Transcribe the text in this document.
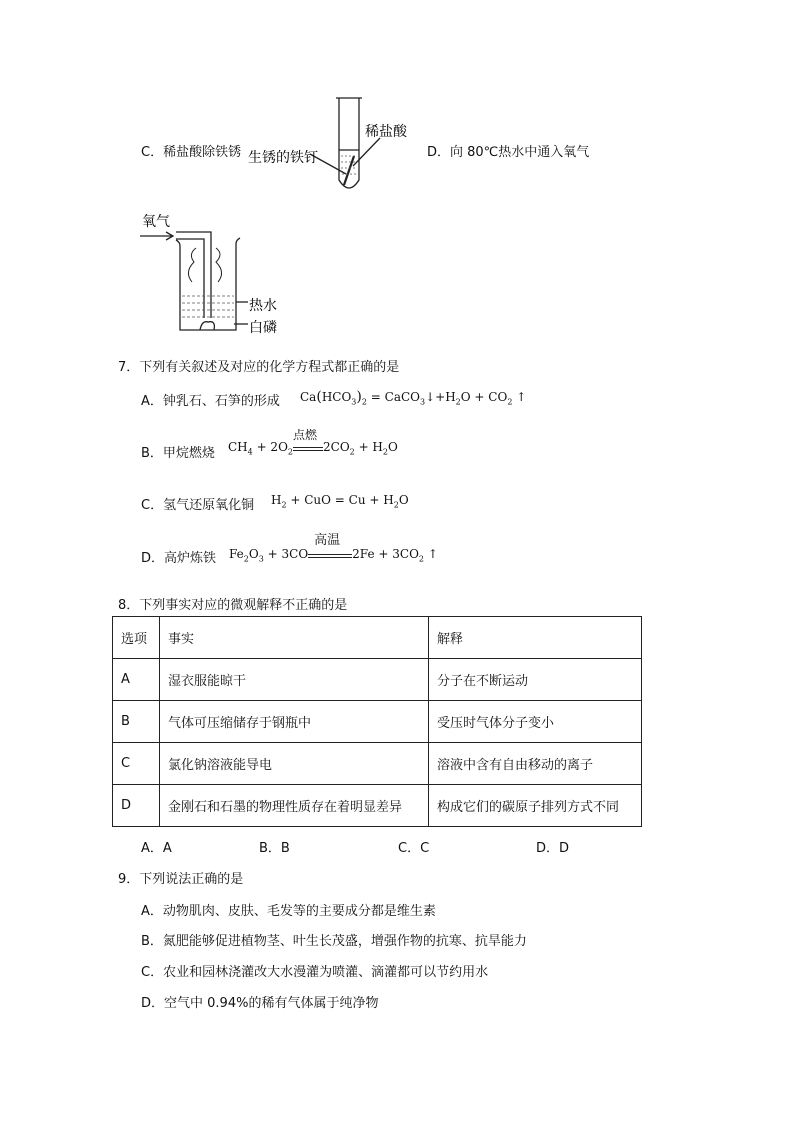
C．稀盐酸除铁锈	D．向 80℃热水中通入氧气
稀盐酸
生锈的铁钉
氧气
热水
白磷
7．下列有关叙述及对应的化学方程式都正确的是
A．钟乳石、石笋的形成 $Ca(HCO_3)_2$ = $CaCO_3↓+H_2O + CO_2$ ↑
B．甲烷燃烧 $CH_4 + 2O_2$
点燃
$2CO_2 + H_2O$
C．氢气还原氧化铜 $H_2$ + CuO = $Cu + H_2O$
D．高炉炼铁 $Fe_2O_3 + 3CO$
高温
$2Fe + 3CO_2$ ↑
8．下列事实对应的微观解释不正确的是
选项	事实	解释
A	湿衣服能晾干	分子在不断运动
B	气体可压缩储存于钢瓶中	受压时气体分子变小
C	氯化钠溶液能导电	溶液中含有自由移动的离子
D	金刚石和石墨的物理性质存在着明显差异	构成它们的碳原子排列方式不同
A．A	B．B	C．C	D．D
9．下列说法正确的是
A．动物肌肉、皮肤、毛发等的主要成分都是维生素
B．氮肥能够促进植物茎、叶生长茂盛，增强作物的抗寒、抗旱能力
C．农业和园林浇灌改大水漫灌为喷灌、滴灌都可以节约用水
D．空气中 0.94%的稀有气体属于纯净物
